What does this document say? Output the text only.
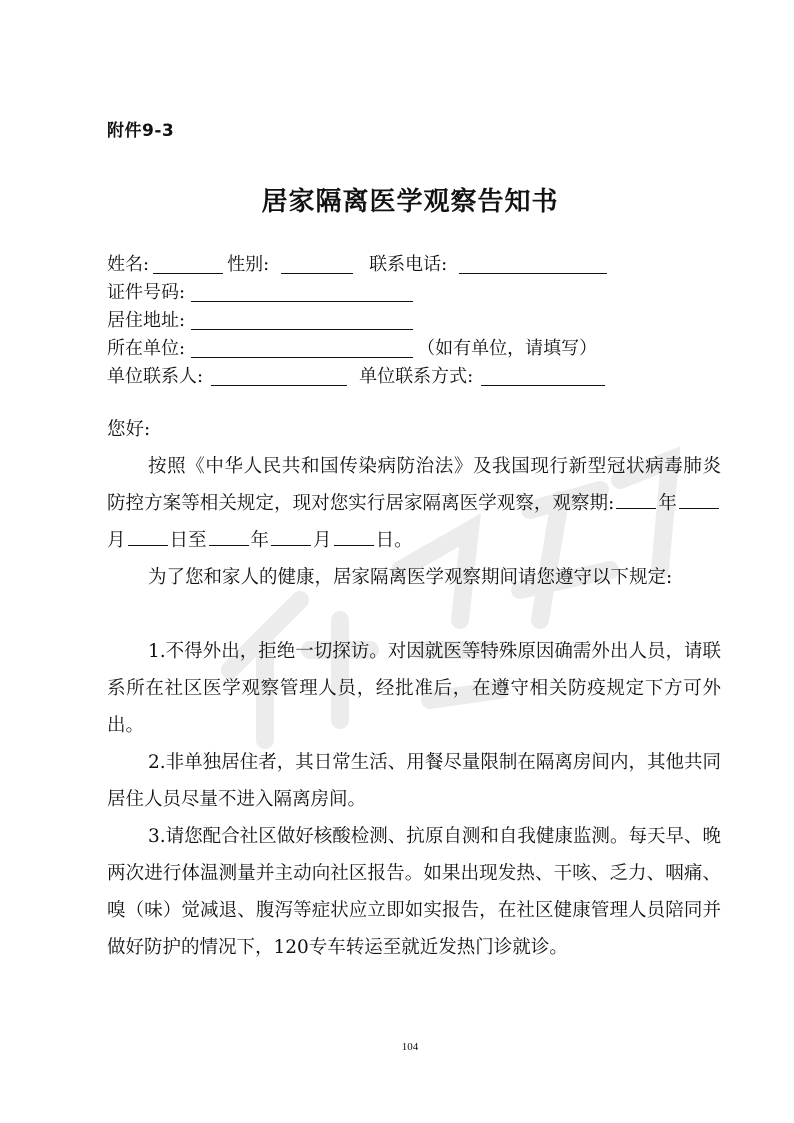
附件9-3
居家隔离医学观察告知书
姓名:	性别:	联系电话:
证件号码:
居住地址:
所在单位:	（如有单位，请填写）
单位联系人:	单位联系方式:
您好:
按照《中华人民共和国传染病防治法》及我国现行新型冠状病毒肺炎防控方案等相关规定，现对您实行居家隔离医学观察，观察期: 年月 日至 年 月 日。
为了您和家人的健康，居家隔离医学观察期间请您遵守以下规定:
1.不得外出，拒绝一切探访。对因就医等特殊原因确需外出人员，请联系所在社区医学观察管理人员，经批准后，在遵守相关防疫规定下方可外出。
2.非单独居住者，其日常生活、用餐尽量限制在隔离房间内，其他共同居住人员尽量不进入隔离房间。
3.请您配合社区做好核酸检测、抗原自测和自我健康监测。每天早、晚两次进行体温测量并主动向社区报告。如果出现发热、干咳、乏力、咽痛、嗅（味）觉减退、腹泻等症状应立即如实报告，在社区健康管理人员陪同并做好防护的情况下，120专车转运至就近发热门诊就诊。
104
